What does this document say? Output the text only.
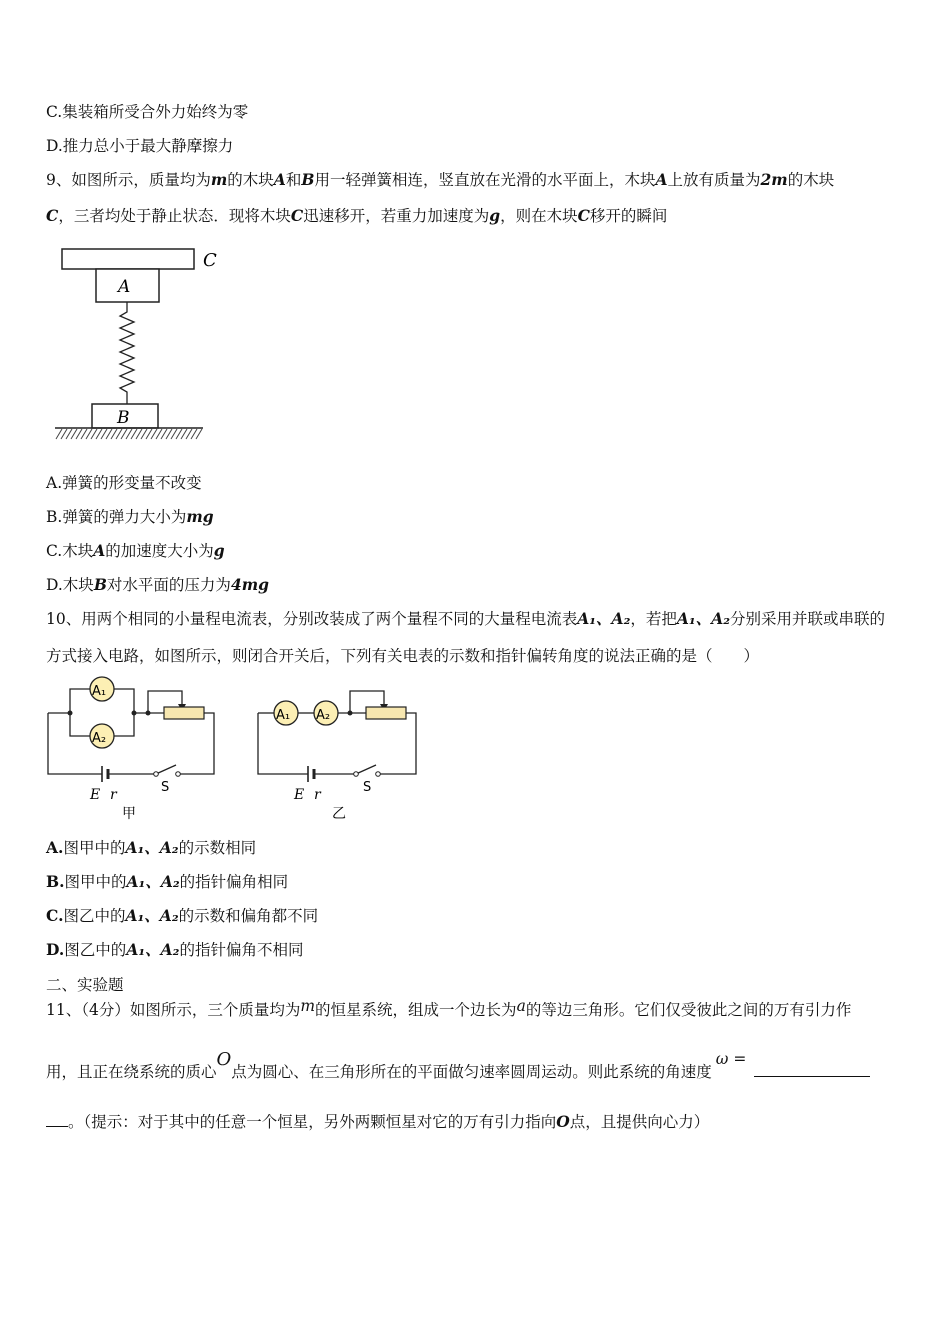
C.集装箱所受合外力始终为零
D.推力总小于最大静摩擦力
9、如图所示，质量均为m的木块A和B用一轻弹簧相连，竖直放在光滑的水平面上，木块A上放有质量为2m的木块
C，三者均处于静止状态．现将木块C迅速移开，若重力加速度为g，则在木块C移开的瞬间
C
A
B
A.弹簧的形变量不改变
B.弹簧的弹力大小为mg
C.木块A的加速度大小为g
D.木块B对水平面的压力为4mg
10、用两个相同的小量程电流表，分别改装成了两个量程不同的大量程电流表A₁、A₂，若把A₁、A₂分别采用并联或串联的
方式接入电路，如图所示，则闭合开关后，下列有关电表的示数和指针偏转角度的说法正确的是（　　）
A₁
A₂
E r	S
甲
A₁ A₂
E r	S
乙
A.图甲中的A₁、A₂的示数相同
B.图甲中的A₁、A₂的指针偏角相同
C.图乙中的A₁、A₂的示数和偏角都不同
D.图乙中的A₁、A₂的指针偏角不相同
二、实验题
11、（4分）如图所示，三个质量均为m的恒星系统，组成一个边长为a的等边三角形。它们仅受彼此之间的万有引力作
用，且正在绕系统的质心O点为圆心、在三角形所在的平面做匀速率圆周运动。则此系统的角速度ω =
。（提示：对于其中的任意一个恒星，另外两颗恒星对它的万有引力指向O点，且提供向心力）
